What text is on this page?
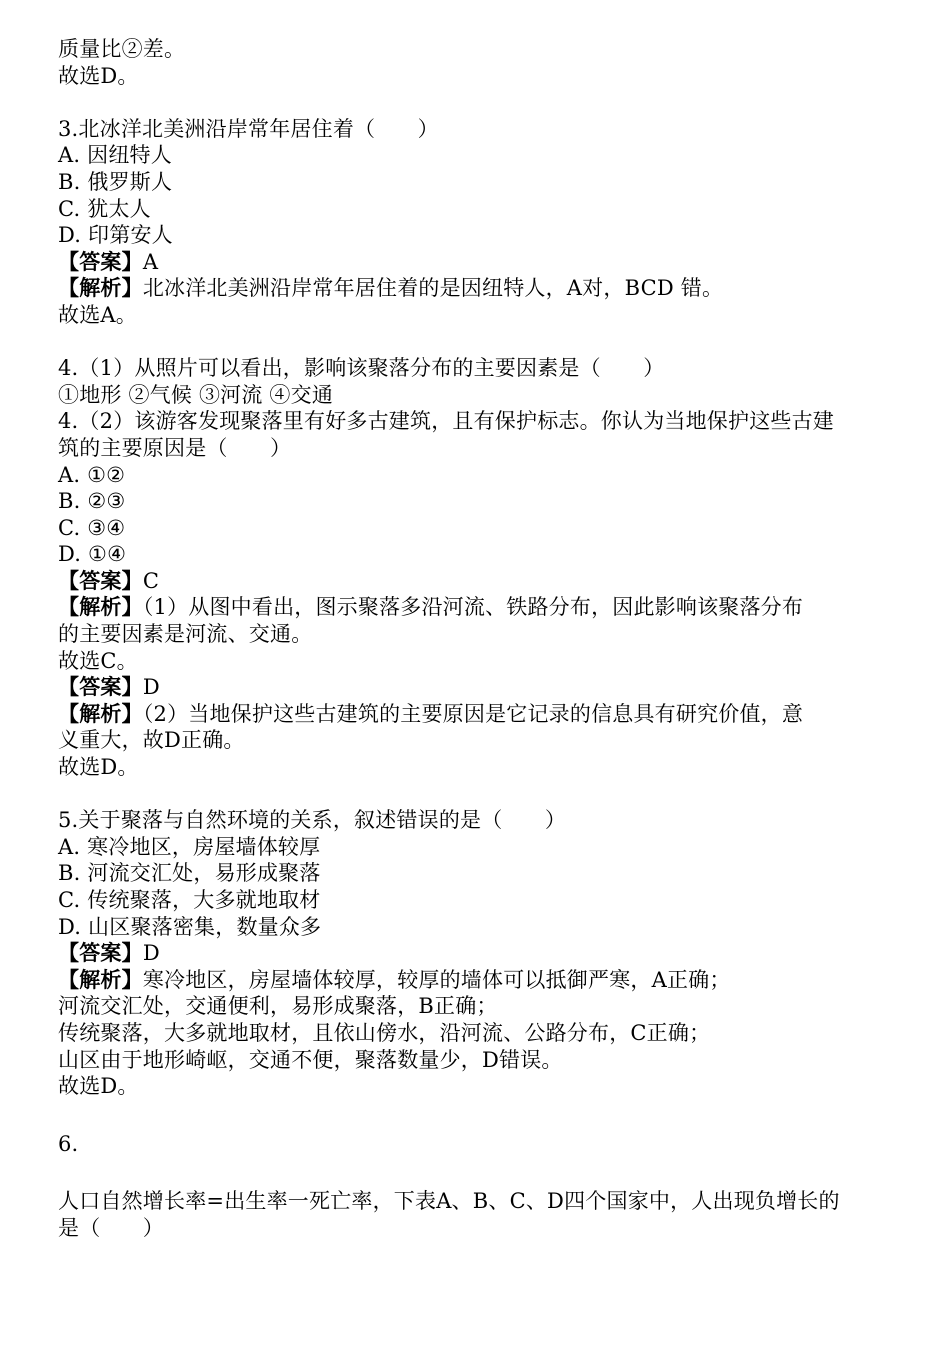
质量比②差。
故选D。
3.北冰洋北美洲沿岸常年居住着（　　）
A. 因纽特人
B. 俄罗斯人
C. 犹太人
D. 印第安人
【答案】A
【解析】北冰洋北美洲沿岸常年居住着的是因纽特人，A对，BCD 错。
故选A。
4.（1）从照片可以看出，影响该聚落分布的主要因素是（　　）
①地形 ②气候 ③河流 ④交通
4.（2）该游客发现聚落里有好多古建筑，且有保护标志。你认为当地保护这些古建
筑的主要原因是（　　）
A. ①②
B. ②③
C. ③④
D. ①④
【答案】C
【解析】（1）从图中看出，图示聚落多沿河流、铁路分布，因此影响该聚落分布
的主要因素是河流、交通。
故选C。
【答案】D
【解析】（2）当地保护这些古建筑的主要原因是它记录的信息具有研究价值，意
义重大，故D正确。
故选D。
5.关于聚落与自然环境的关系，叙述错误的是（　　）
A. 寒冷地区，房屋墙体较厚
B. 河流交汇处，易形成聚落
C. 传统聚落，大多就地取材
D. 山区聚落密集，数量众多
【答案】D
【解析】寒冷地区，房屋墙体较厚，较厚的墙体可以抵御严寒，A正确；
河流交汇处，交通便利，易形成聚落，B正确；
传统聚落，大多就地取材，且依山傍水，沿河流、公路分布，C正确；
山区由于地形崎岖，交通不便，聚落数量少，D错误。
故选D。
6.
人口自然增长率=出生率一死亡率，下表A、B、C、D四个国家中，人出现负增长的
是（　　）
